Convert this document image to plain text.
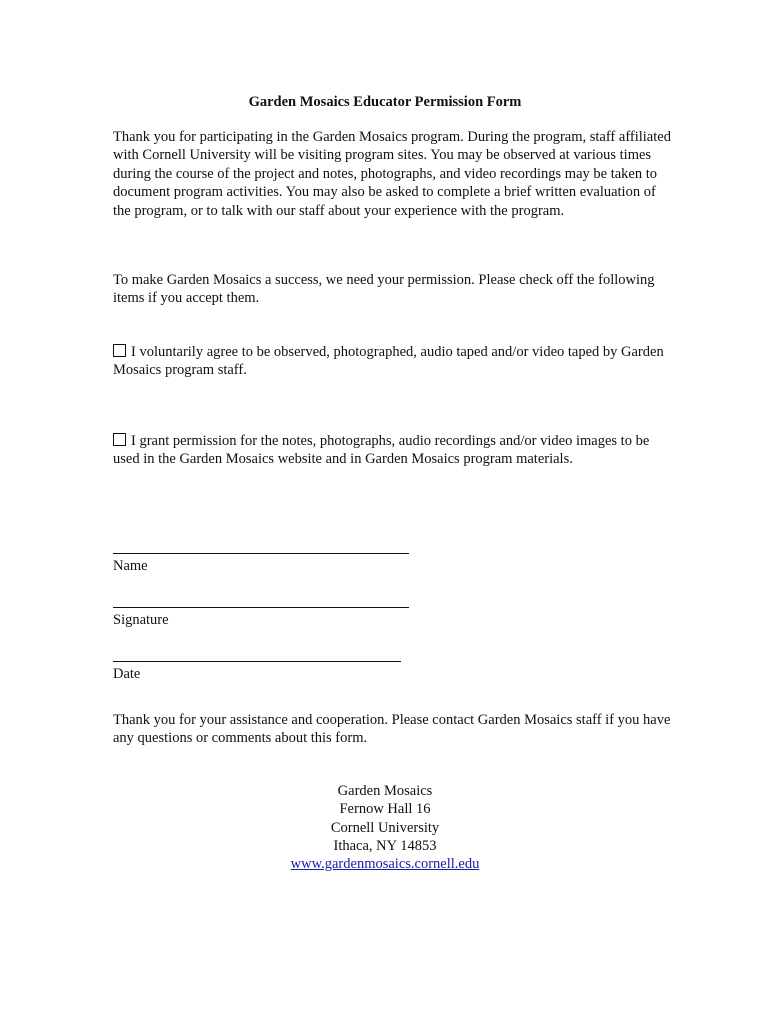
Garden Mosaics Educator Permission Form

Thank you for participating in the Garden Mosaics program. During the program, staff affiliated with Cornell University will be visiting program sites. You may be observed at various times during the course of the project and notes, photographs, and video recordings may be taken to document program activities. You may also be asked to complete a brief written evaluation of the program, or to talk with our staff about your experience with the program.

To make Garden Mosaics a success, we need your permission. Please check off the following items if you accept them.

I voluntarily agree to be observed, photographed, audio taped and/or video taped by Garden Mosaics program staff.
I grant permission for the notes, photographs, audio recordings and/or video images to be used in the Garden Mosaics website and in Garden Mosaics program materials.
Name
Signature
Date

Thank you for your assistance and cooperation. Please contact Garden Mosaics staff if you have any questions or comments about this form.

Garden Mosaics
Fernow Hall 16
Cornell University
Ithaca, NY 14853
www.gardenmosaics.cornell.edu
